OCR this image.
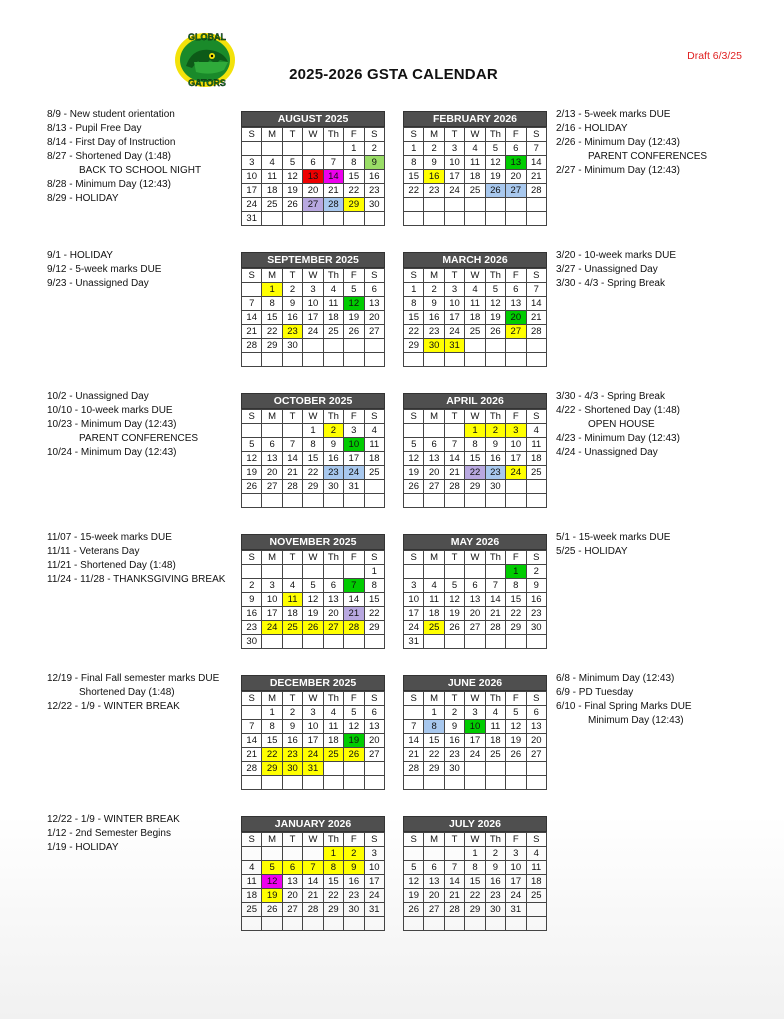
GLOBAL
GATORS	2025-2026 GSTA CALENDAR
Draft 6/3/25
8/9 - New student orientation
8/13 - Pupil Free Day
8/14 - First Day of Instruction
8/27 - Shortened Day (1:48)
BACK TO SCHOOL NIGHT
8/28 - Minimum Day (12:43)
8/29 - HOLIDAY
2/13 - 5-week marks DUE
2/16 - HOLIDAY
2/26 - Minimum Day (12:43)
PARENT CONFERENCES
2/27 - Minimum Day (12:43)
9/1 - HOLIDAY
9/12 - 5-week marks DUE
9/23 - Unassigned Day
3/20 - 10-week marks DUE
3/27 - Unassigned Day
3/30 - 4/3 - Spring Break
10/2 - Unassigned Day
10/10 - 10-week marks DUE
10/23 - Minimum Day (12:43)
PARENT CONFERENCES
10/24 - Minimum Day (12:43)
3/30 - 4/3 - Spring Break
4/22 - Shortened Day (1:48)
OPEN HOUSE
4/23 - Minimum Day (12:43)
4/24 - Unassigned Day
11/07 - 15-week marks DUE
11/11 - Veterans Day
11/21 - Shortened Day (1:48)
11/24 - 11/28 - THANKSGIVING BREAK
5/1 - 15-week marks DUE
5/25 - HOLIDAY
12/19 - Final Fall semester marks DUE
Shortened Day (1:48)
12/22 - 1/9 - WINTER BREAK
6/8 - Minimum Day (12:43)
6/9 - PD Tuesday
6/10 - Final Spring Marks DUE
Minimum Day (12:43)
12/22 - 1/9 - WINTER BREAK
1/12 - 2nd Semester Begins
1/19 - HOLIDAY
AUGUST 2025
S	M	T	W	Th	F	S
					1	2
3	4	5	6	7	8	9
10	11	12	13	14	15	16
17	18	19	20	21	22	23
24	25	26	27	28	29	30
31						
FEBRUARY 2026
S	M	T	W	Th	F	S
1	2	3	4	5	6	7
8	9	10	11	12	13	14
15	16	17	18	19	20	21
22	23	24	25	26	27	28

SEPTEMBER 2025
S	M	T	W	Th	F	S
	1	2	3	4	5	6
7	8	9	10	11	12	13
14	15	16	17	18	19	20
21	22	23	24	25	26	27
28	29	30				

MARCH 2026
S	M	T	W	Th	F	S
1	2	3	4	5	6	7
8	9	10	11	12	13	14
15	16	17	18	19	20	21
22	23	24	25	26	27	28
29	30	31				

OCTOBER 2025
S	M	T	W	Th	F	S
			1	2	3	4
5	6	7	8	9	10	11
12	13	14	15	16	17	18
19	20	21	22	23	24	25
26	27	28	29	30	31	

APRIL 2026
S	M	T	W	Th	F	S
			1	2	3	4
5	6	7	8	9	10	11
12	13	14	15	16	17	18
19	20	21	22	23	24	25
26	27	28	29	30		

NOVEMBER 2025
S	M	T	W	Th	F	S
						1
2	3	4	5	6	7	8
9	10	11	12	13	14	15
16	17	18	19	20	21	22
23	24	25	26	27	28	29
30						
MAY 2026
S	M	T	W	Th	F	S
					1	2
3	4	5	6	7	8	9
10	11	12	13	14	15	16
17	18	19	20	21	22	23
24	25	26	27	28	29	30
31						
DECEMBER 2025
S	M	T	W	Th	F	S
	1	2	3	4	5	6
7	8	9	10	11	12	13
14	15	16	17	18	19	20
21	22	23	24	25	26	27
28	29	30	31			

JUNE 2026
S	M	T	W	Th	F	S
	1	2	3	4	5	6
7	8	9	10	11	12	13
14	15	16	17	18	19	20
21	22	23	24	25	26	27
28	29	30				

JANUARY 2026
S	M	T	W	Th	F	S
				1	2	3
4	5	6	7	8	9	10
11	12	13	14	15	16	17
18	19	20	21	22	23	24
25	26	27	28	29	30	31

JULY 2026
S	M	T	W	Th	F	S
			1	2	3	4
5	6	7	8	9	10	11
12	13	14	15	16	17	18
19	20	21	22	23	24	25
26	27	28	29	30	31	
